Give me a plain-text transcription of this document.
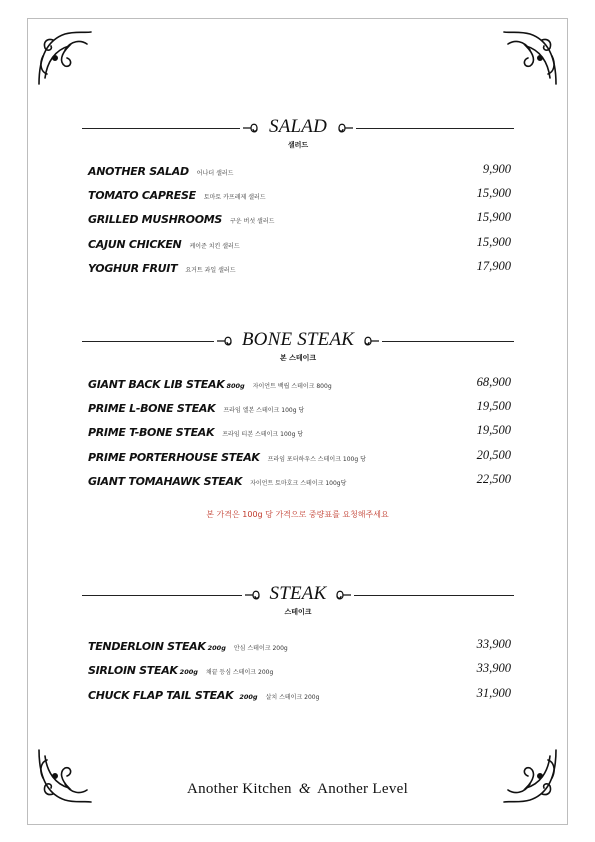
SALAD
샐러드
ANOTHER SALAD 어나더 샐러드	9,900
TOMATO CAPRESE 토마토 카프레제 샐러드	15,900
GRILLED MUSHROOMS 구운 버섯 샐러드	15,900
CAJUN CHICKEN 케이준 치킨 샐러드	15,900
YOGHUR FRUIT 요거트 과일 샐러드	17,900
BONE STEAK
본 스테이크
GIANT BACK LIB STEAK 800g 자이언트 백립 스테이크 800g	68,900
PRIME L-BONE STEAK 프라임 엘본 스테이크 100g 당	19,500
PRIME T-BONE STEAK 프라임 티본 스테이크 100g 당	19,500
PRIME PORTERHOUSE STEAK 프라임 포터하우스 스테이크 100g 당	20,500
GIANT TOMAHAWK STEAK 자이언트 토마호크 스테이크 100g당	22,500
본 가격은 100g 당 가격으로 중량표를 요청해주세요
STEAK
스테이크
TENDERLOIN STEAK 200g 안심 스테이크 200g	33,900
SIRLOIN STEAK 200g 채끝 등심 스테이크 200g	33,900
CHUCK FLAP TAIL STEAK 200g 살치 스테이크 200g	31,900
Another Kitchen & Another Level
